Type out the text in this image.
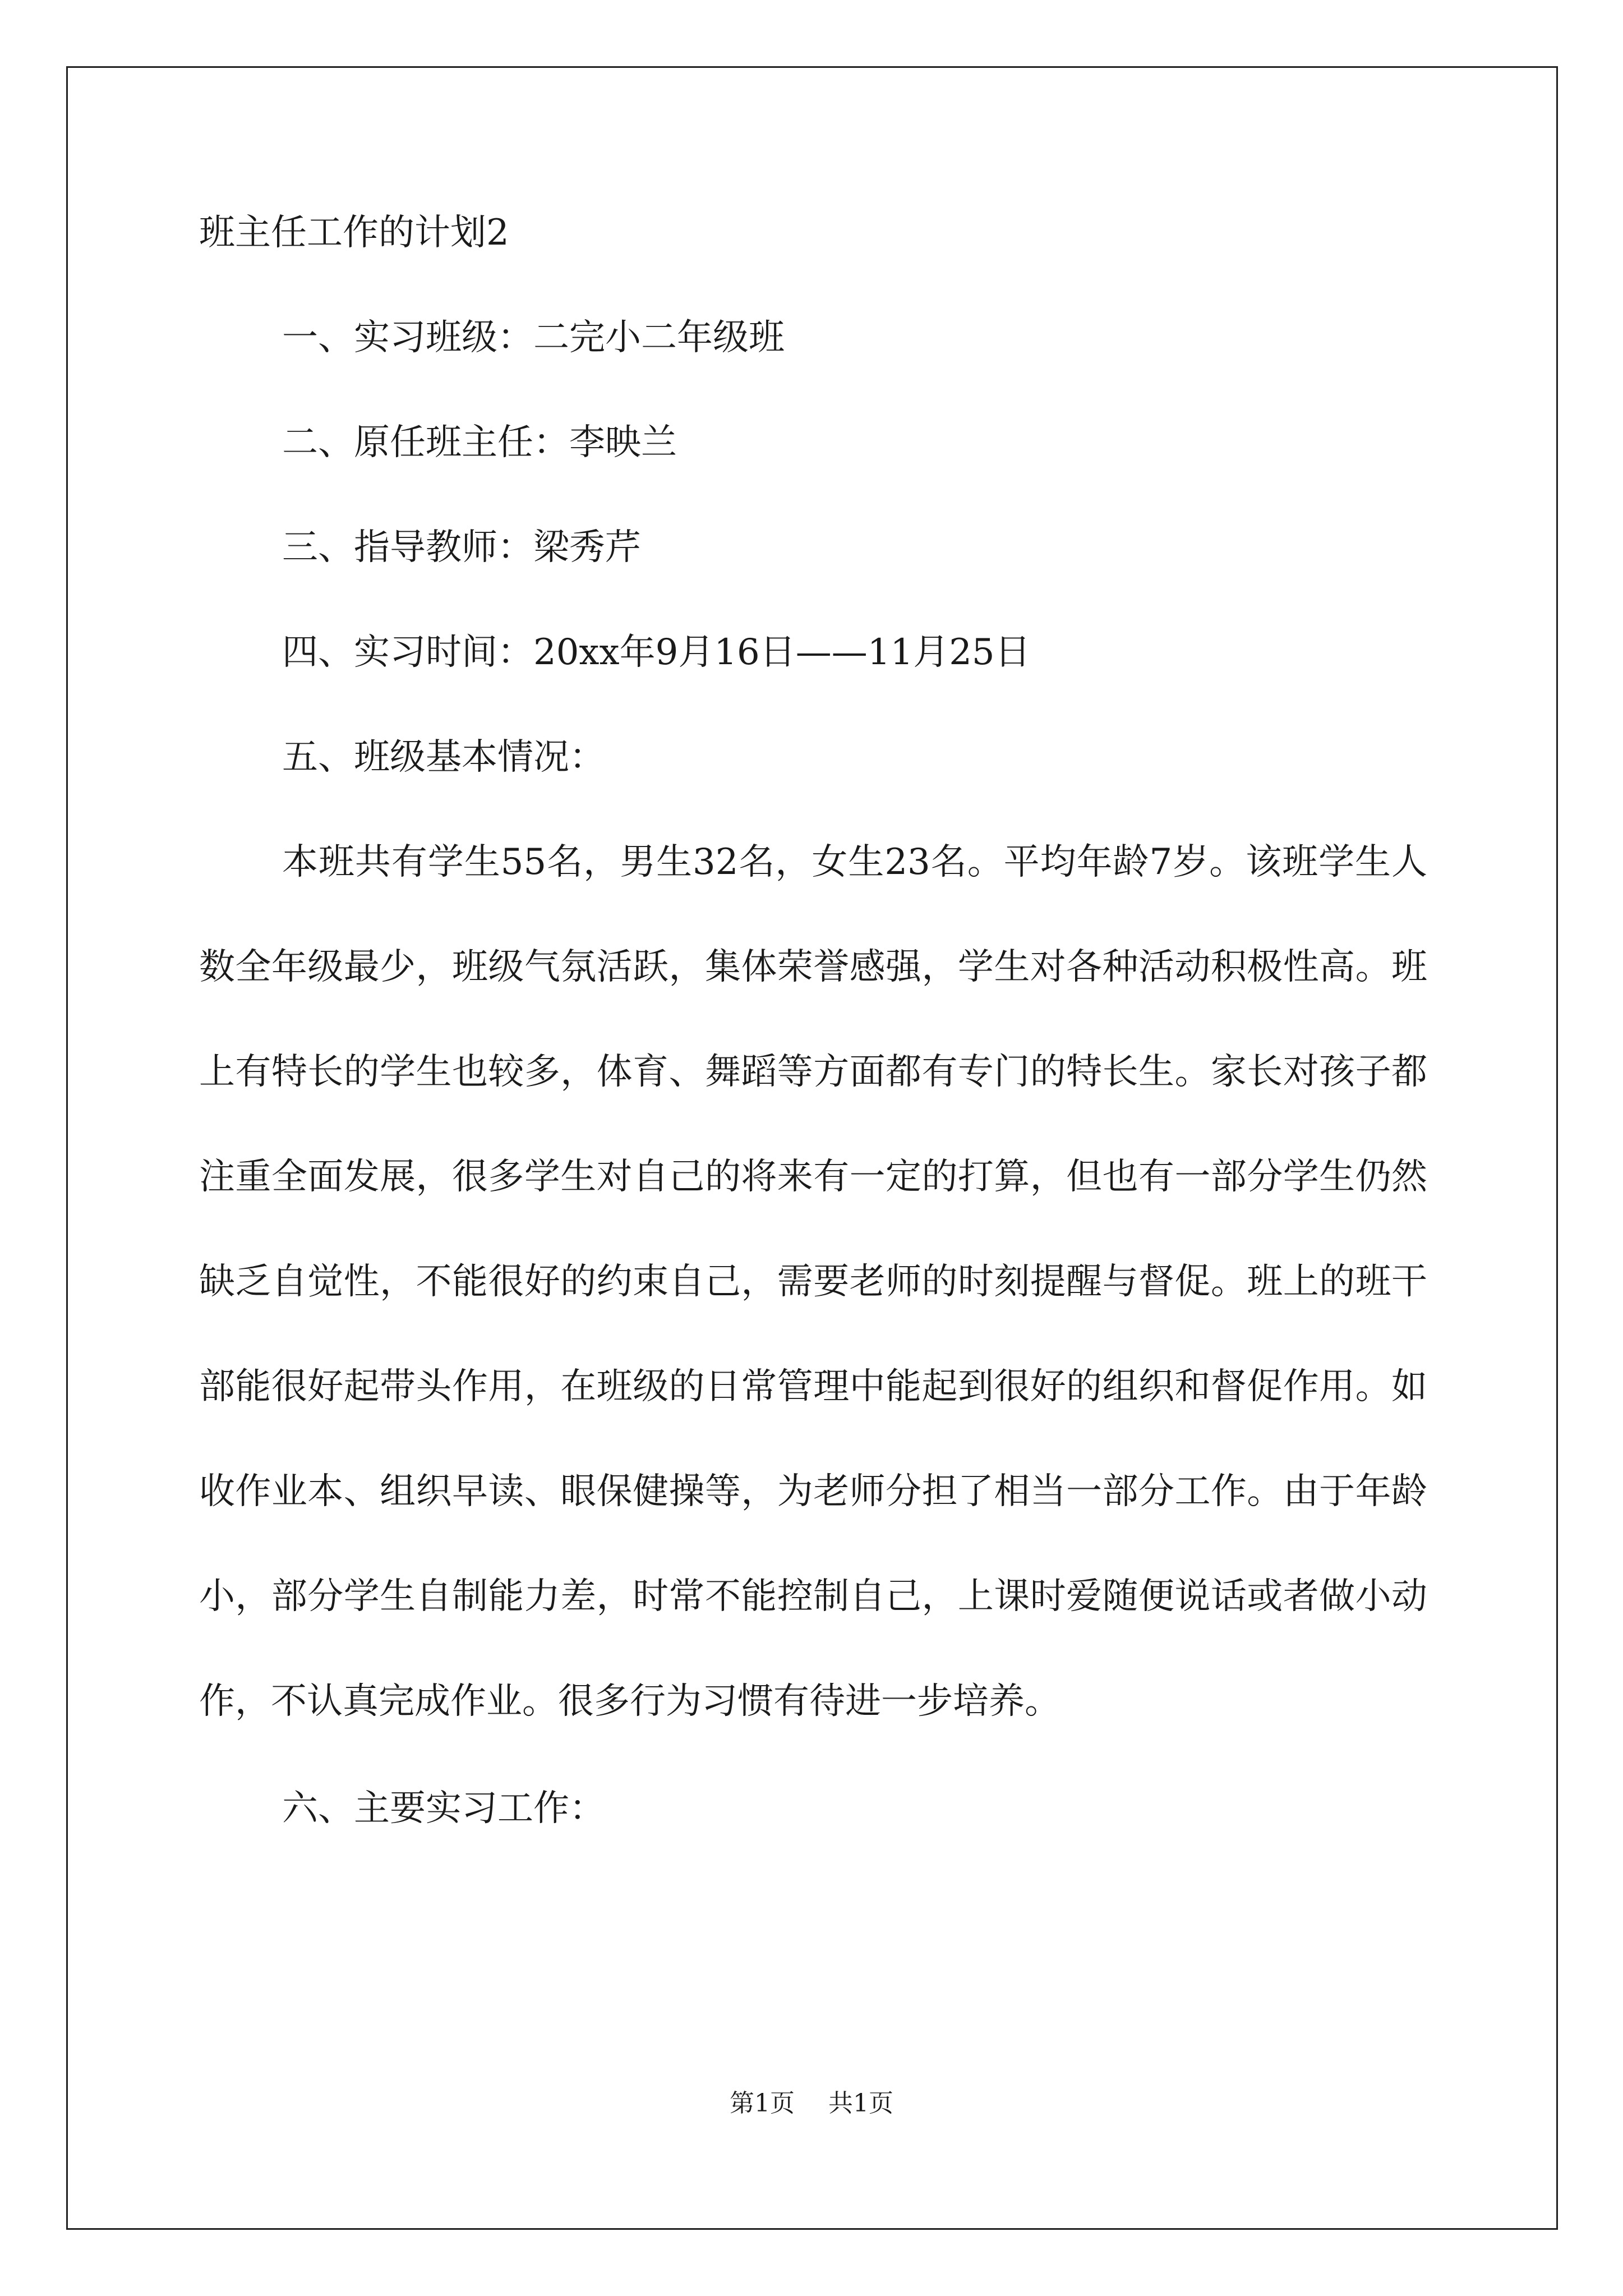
班主任工作的计划2
一、实习班级：二完小二年级班
二、原任班主任：李映兰
三、指导教师：梁秀芹
四、实习时间：20xx年9月16日——11月25日
五、班级基本情况：

本班共有学生55名，男生32名，女生23名。平均年龄7岁。该班学生人数全年级最少，班级气氛活跃，集体荣誉感强，学生对各种活动积极性高。班上有特长的学生也较多，体育、舞蹈等方面都有专门的特长生。家长对孩子都注重全面发展，很多学生对自己的将来有一定的打算，但也有一部分学生仍然缺乏自觉性，不能很好的约束自己，需要老师的时刻提醒与督促。班上的班干部能很好起带头作用，在班级的日常管理中能起到很好的组织和督促作用。如收作业本、组织早读、眼保健操等，为老师分担了相当一部分工作。由于年龄小，部分学生自制能力差，时常不能控制自己，上课时爱随便说话或者做小动作，不认真完成作业。很多行为习惯有待进一步培养。

六、主要实习工作：
第1页 共1页
